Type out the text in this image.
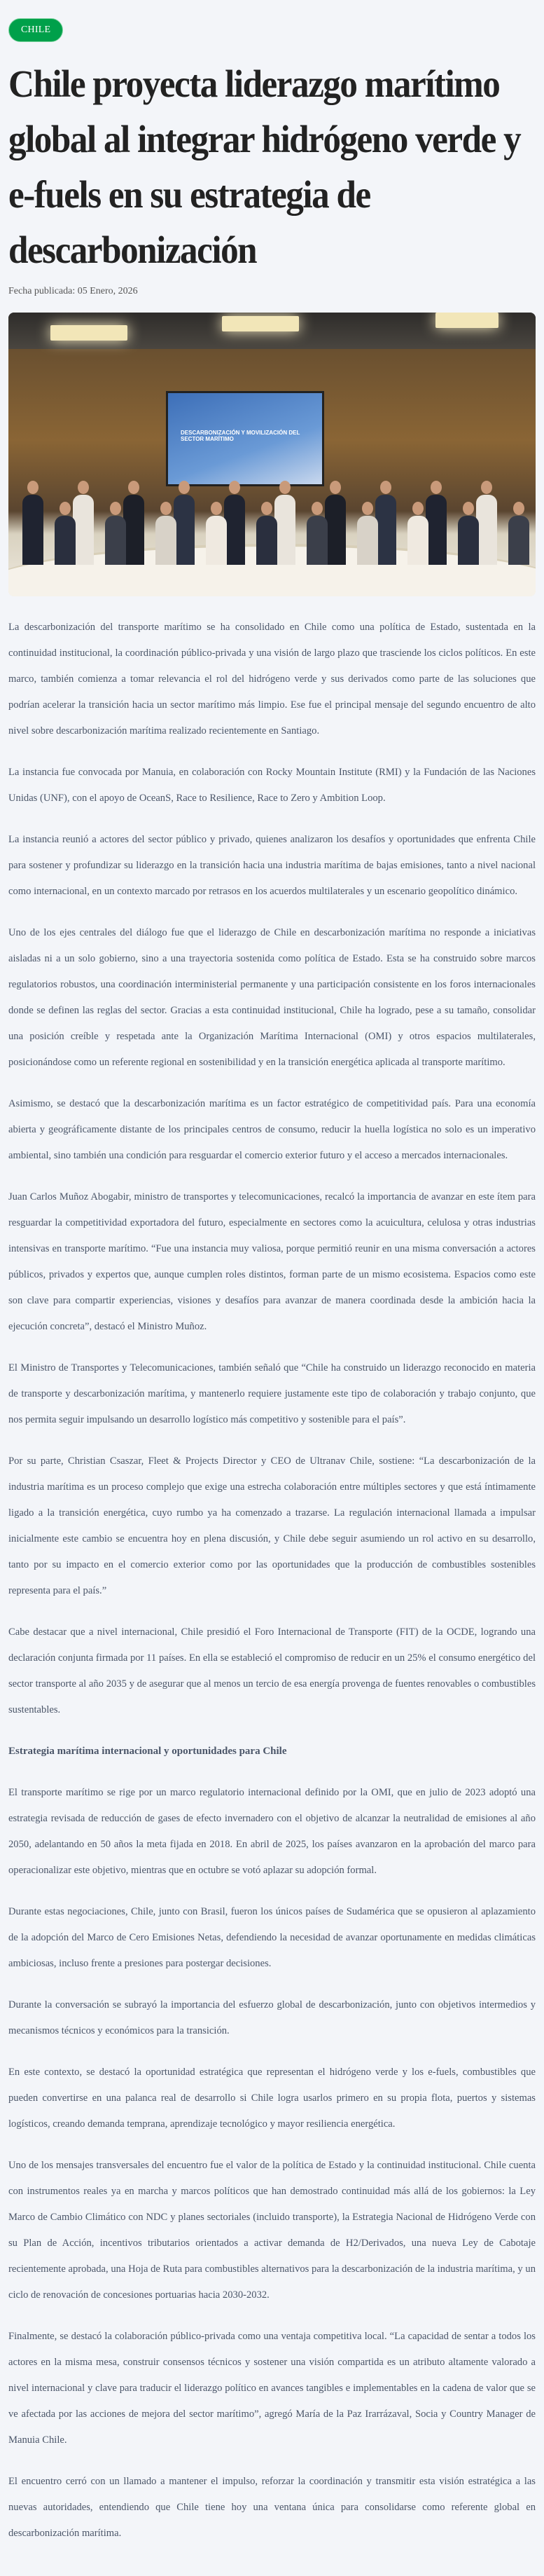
CHILE
Chile proyecta liderazgo marítimo global al integrar hidrógeno verde y e-fuels en su estrategia de descarbonización
Fecha publicada: 05 Enero, 2026
DESCARBONIZACIÓN Y MOVILIZACIÓN DEL SECTOR MARÍTIMO

La descarbonización del transporte marítimo se ha consolidado en Chile como una política de Estado, sustentada en la continuidad institucional, la coordinación público-privada y una visión de largo plazo que trasciende los ciclos políticos. En este marco, también comienza a tomar relevancia el rol del hidrógeno verde y sus derivados como parte de las soluciones que podrían acelerar la transición hacia un sector marítimo más limpio. Ese fue el principal mensaje del segundo encuentro de alto nivel sobre descarbonización marítima realizado recientemente en Santiago.

La instancia fue convocada por Manuia, en colaboración con Rocky Mountain Institute (RMI) y la Fundación de las Naciones Unidas (UNF), con el apoyo de OceanS, Race to Resilience, Race to Zero y Ambition Loop.

La instancia reunió a actores del sector público y privado, quienes analizaron los desafíos y oportunidades que enfrenta Chile para sostener y profundizar su liderazgo en la transición hacia una industria marítima de bajas emisiones, tanto a nivel nacional como internacional, en un contexto marcado por retrasos en los acuerdos multilaterales y un escenario geopolítico dinámico.

Uno de los ejes centrales del diálogo fue que el liderazgo de Chile en descarbonización marítima no responde a iniciativas aisladas ni a un solo gobierno, sino a una trayectoria sostenida como política de Estado. Esta se ha construido sobre marcos regulatorios robustos, una coordinación interministerial permanente y una participación consistente en los foros internacionales donde se definen las reglas del sector. Gracias a esta continuidad institucional, Chile ha logrado, pese a su tamaño, consolidar una posición creíble y respetada ante la Organización Marítima Internacional (OMI) y otros espacios multilaterales, posicionándose como un referente regional en sostenibilidad y en la transición energética aplicada al transporte marítimo.

Asimismo, se destacó que la descarbonización marítima es un factor estratégico de competitividad país. Para una economía abierta y geográficamente distante de los principales centros de consumo, reducir la huella logística no solo es un imperativo ambiental, sino también una condición para resguardar el comercio exterior futuro y el acceso a mercados internacionales.

Juan Carlos Muñoz Abogabir, ministro de transportes y telecomunicaciones, recalcó la importancia de avanzar en este ítem para resguardar la competitividad exportadora del futuro, especialmente en sectores como la acuicultura, celulosa y otras industrias intensivas en transporte marítimo. “Fue una instancia muy valiosa, porque permitió reunir en una misma conversación a actores públicos, privados y expertos que, aunque cumplen roles distintos, forman parte de un mismo ecosistema. Espacios como este son clave para compartir experiencias, visiones y desafíos para avanzar de manera coordinada desde la ambición hacia la ejecución concreta”, destacó el Ministro Muñoz.

El Ministro de Transportes y Telecomunicaciones, también señaló que “Chile ha construido un liderazgo reconocido en materia de transporte y descarbonización marítima, y mantenerlo requiere justamente este tipo de colaboración y trabajo conjunto, que nos permita seguir impulsando un desarrollo logístico más competitivo y sostenible para el país”.

Por su parte, Christian Csaszar, Fleet & Projects Director y CEO de Ultranav Chile, sostiene: “La descarbonización de la industria marítima es un proceso complejo que exige una estrecha colaboración entre múltiples sectores y que está íntimamente ligado a la transición energética, cuyo rumbo ya ha comenzado a trazarse. La regulación internacional llamada a impulsar inicialmente este cambio se encuentra hoy en plena discusión, y Chile debe seguir asumiendo un rol activo en su desarrollo, tanto por su impacto en el comercio exterior como por las oportunidades que la producción de combustibles sostenibles representa para el país.”

Cabe destacar que a nivel internacional, Chile presidió el Foro Internacional de Transporte (FIT) de la OCDE, logrando una declaración conjunta firmada por 11 países. En ella se estableció el compromiso de reducir en un 25% el consumo energético del sector transporte al año 2035 y de asegurar que al menos un tercio de esa energía provenga de fuentes renovables o combustibles sustentables.

Estrategia marítima internacional y oportunidades para Chile

El transporte marítimo se rige por un marco regulatorio internacional definido por la OMI, que en julio de 2023 adoptó una estrategia revisada de reducción de gases de efecto invernadero con el objetivo de alcanzar la neutralidad de emisiones al año 2050, adelantando en 50 años la meta fijada en 2018. En abril de 2025, los países avanzaron en la aprobación del marco para operacionalizar este objetivo, mientras que en octubre se votó aplazar su adopción formal.

Durante estas negociaciones, Chile, junto con Brasil, fueron los únicos países de Sudamérica que se opusieron al aplazamiento de la adopción del Marco de Cero Emisiones Netas, defendiendo la necesidad de avanzar oportunamente en medidas climáticas ambiciosas, incluso frente a presiones para postergar decisiones.

Durante la conversación se subrayó la importancia del esfuerzo global de descarbonización, junto con objetivos intermedios y mecanismos técnicos y económicos para la transición.

En este contexto, se destacó la oportunidad estratégica que representan el hidrógeno verde y los e-fuels, combustibles que pueden convertirse en una palanca real de desarrollo si Chile logra usarlos primero en su propia flota, puertos y sistemas logísticos, creando demanda temprana, aprendizaje tecnológico y mayor resiliencia energética.

Uno de los mensajes transversales del encuentro fue el valor de la política de Estado y la continuidad institucional. Chile cuenta con instrumentos reales ya en marcha y marcos políticos que han demostrado continuidad más allá de los gobiernos: la Ley Marco de Cambio Climático con NDC y planes sectoriales (incluido transporte), la Estrategia Nacional de Hidrógeno Verde con su Plan de Acción, incentivos tributarios orientados a activar demanda de H2/Derivados, una nueva Ley de Cabotaje recientemente aprobada, una Hoja de Ruta para combustibles alternativos para la descarbonización de la industria marítima, y un ciclo de renovación de concesiones portuarias hacia 2030-2032.

Finalmente, se destacó la colaboración público-privada como una ventaja competitiva local. “La capacidad de sentar a todos los actores en la misma mesa, construir consensos técnicos y sostener una visión compartida es un atributo altamente valorado a nivel internacional y clave para traducir el liderazgo político en avances tangibles e implementables en la cadena de valor que se ve afectada por las acciones de mejora del sector marítimo”, agregó María de la Paz Irarrázaval, Socia y Country Manager de Manuia Chile.

El encuentro cerró con un llamado a mantener el impulso, reforzar la coordinación y transmitir esta visión estratégica a las nuevas autoridades, entendiendo que Chile tiene hoy una ventana única para consolidarse como referente global en descarbonización marítima.
